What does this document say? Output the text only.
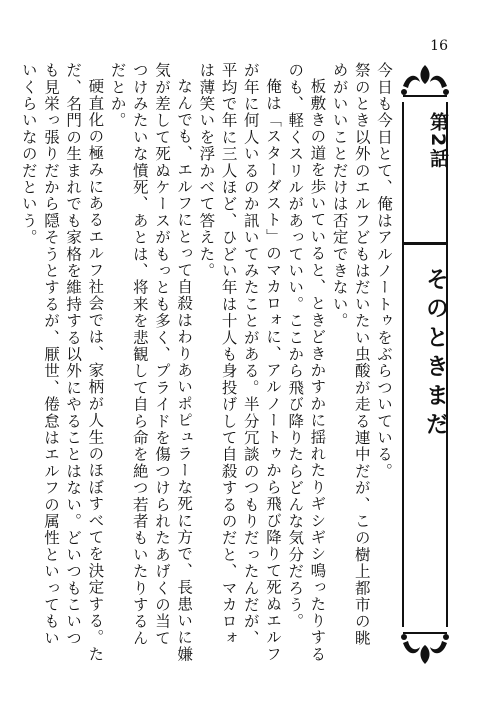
16

今日も今日とて、俺はアルノートゥをぶらついている。

祭のとき以外のエルフどもはだいたい虫酸が走る連中だが、この樹上都市の眺めがいいことだけは否定できない。

板敷きの道を歩いていると、ときどきかすかに揺れたりギシギシ鳴ったりするのも、軽くスリルがあっていい。ここから飛び降りたらどんな気分だろう。

俺は「スターダスト」のマカロォに、アルノートゥから飛び降りて死ぬエルフが年に何人いるのか訊いてみたことがある。半分冗談のつもりだったんだが、平均で年に三人ほど、ひどい年は十人も身投げして自殺するのだと、マカロォは薄笑いを浮かべて答えた。

なんでも、エルフにとって自殺はわりあいポピュラーな死に方で、長患いに嫌気が差して死ぬケースがもっとも多く、プライドを傷つけられたあげくの当てつけみたいな憤死、あとは、将来を悲観して自ら命を絶つ若者もいたりするんだとか。

硬直化の極みにあるエルフ社会では、家柄が人生のほぼすべてを決定する。ただ、名門の生まれでも家格を維持する以外にやることはない。どいつもこいつも見栄っ張りだから隠そうとするが、厭世、倦怠はエルフの属性といってもいいくらいなのだという。	第2話
そのときまだ
